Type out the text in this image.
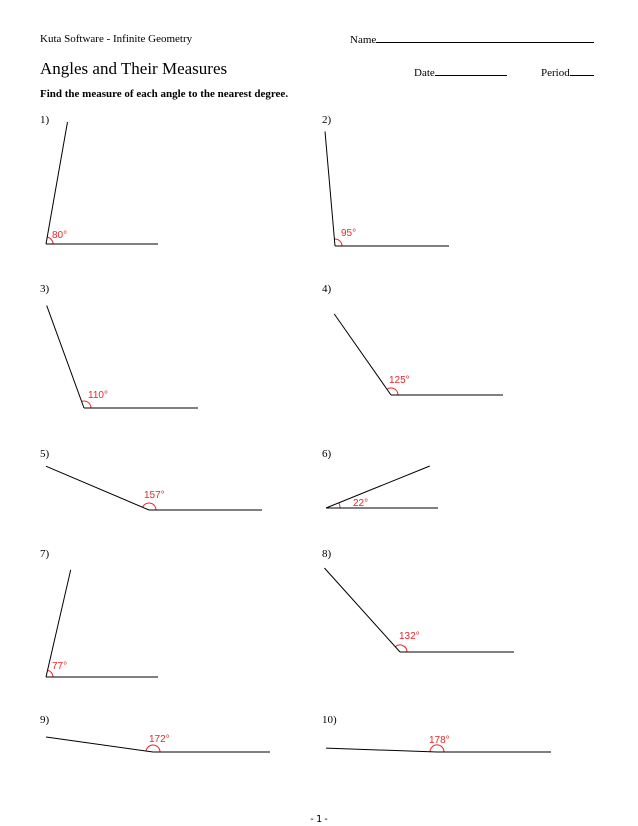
Kuta Software - Infinite Geometry	Name
Angles and Their Measures	Date	Period
Find the measure of each angle to the nearest degree.
1)	2)
3)	4)
5)	6)
7)	8)
9)	10)
80°	95°
110°
125°
157°
22°
77°
132°
172°	178°
-1-
